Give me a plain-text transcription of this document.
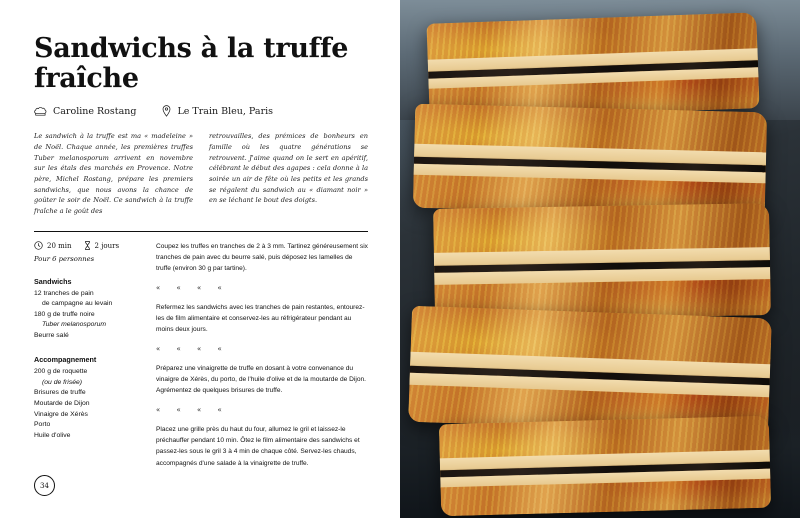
Sandwichs à la truffe fraîche
Caroline Rostang	Le Train Bleu, Paris
Le sandwich à la truffe est ma « madeleine » de Noël. Chaque année, les premières truffes Tuber melanosporum arrivent en novembre sur les étals des marchés en Provence. Notre père, Michel Rostang, prépare les premiers sandwichs, que nous avons la chance de goûter le soir de Noël. Ce sandwich à la truffe fraîche a le goût des
retrouvailles, des prémices de bonheurs en famille où les quatre générations se retrouvent. J'aime quand on le sert en apéritif, célébrant le début des agapes : cela donne à la soirée un air de fête où les petits et les grands se régalent du sandwich au « diamant noir » en se léchant le bout des doigts.
20 min	2 jours
Pour 6 personnes
Sandwichs
12 tranches de pain
de campagne au levain
180 g de truffe noire
Tuber melanosporum
Beurre salé
Accompagnement
200 g de roquette
(ou de frisée)
Brisures de truffe
Moutarde de Dijon
Vinaigre de Xérès
Porto
Huile d'olive
Coupez les truffes en tranches de 2 à 3 mm. Tartinez généreusement six tranches de pain avec du beurre salé, puis déposez les lamelles de truffe (environ 30 g par tartine).
« « « «
Refermez les sandwichs avec les tranches de pain restantes, entourez-les de film alimentaire et conservez-les au réfrigérateur pendant au moins deux jours.
« « « «
Préparez une vinaigrette de truffe en dosant à votre convenance du vinaigre de Xérès, du porto, de l'huile d'olive et de la moutarde de Dijon. Agrémentez de quelques brisures de truffe.
« « « «
Placez une grille près du haut du four, allumez le gril et laissez-le préchauffer pendant 10 min. Ôtez le film alimentaire des sandwichs et passez-les sous le gril 3 à 4 min de chaque côté. Servez-les chauds, accompagnés d'une salade à la vinaigrette de truffe.
34
